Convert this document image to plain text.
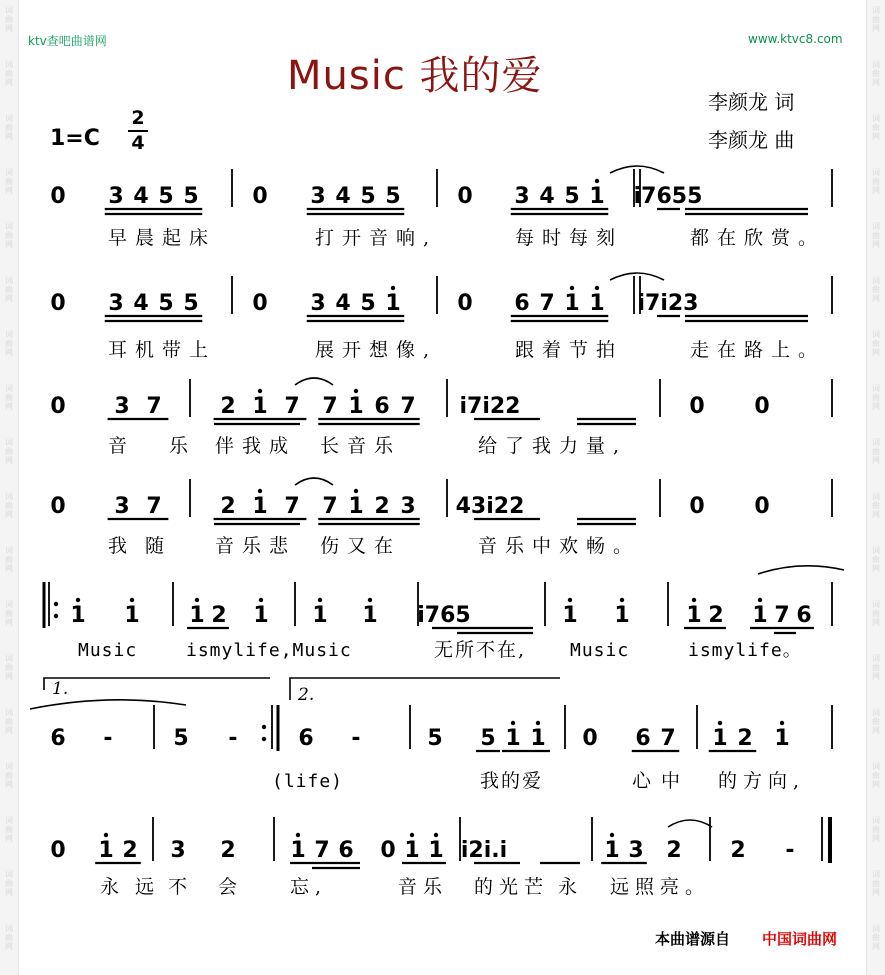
词
曲
网
词
曲
网
词
曲
网
词
曲
网
词
曲
网
词
曲
网
词
曲
网
词
曲
网
词
曲
网
词
曲
网
词
曲
网
词
曲
网
词
曲
网
词
曲
网
词
曲
网
词
曲
网
词
曲
网
词
曲
网
词
曲
网
词
曲
网
词
曲
网
词
曲
网
词
曲
网
词
曲
网
词
曲
网
词
曲
网
词
曲
网
词
曲
网
词
曲
网
词
曲
网
词
曲
网
词
曲
网
词
曲
网
词
曲
网
词
曲
网
词
曲
网
ktv查吧曲谱网	www.ktvc8.com
Music 我的爱
李颜龙 词
李颜龙 曲
1=C
2
4
0 3 4 5 5 0 3 4 5 5	0 3 4 5 1 i7655
早晨起床	打开音响,	每时每刻	都在欣赏。
0 3 4 5 5 0 3 4 5 1	0 6 7 1 1 i7i23
耳机带上	展开想像,	跟着节拍	走在路上。
0 3 7	2 1 7 7 1 6 7 i7i22	0 0
音 乐 伴我成 长音乐	给了我力量,
0 3 7	2 1 7 7 1 2 3 43i22	0 0
我随 音乐悲 伤又在	音乐中欢畅。
1 1 1 2 1 1 1 i765	1 1	1 2 1 7 6
Music	ismylife,Music	无所不在, Music	ismylife。
1.	2.
6 -	5 -	6 -	5 5 1 1 0 6 7 1 2 1
(life)	我的爱	心中 的方向,
0 1 2 3 2 1 7 6 0 1 1 i2i.i	1 3 2 2 -
永远
不 会 忘,	音乐 的光芒 永 远照亮。
本曲谱源自 中国词曲网
